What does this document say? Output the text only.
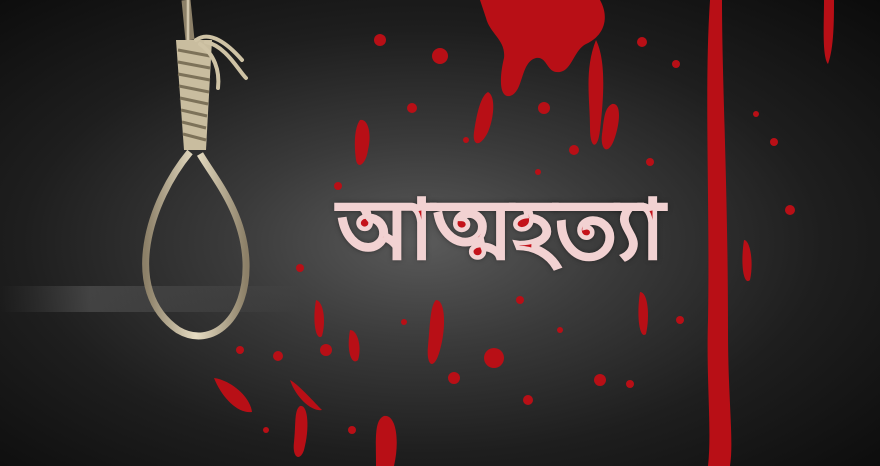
আত্মহত্যা
